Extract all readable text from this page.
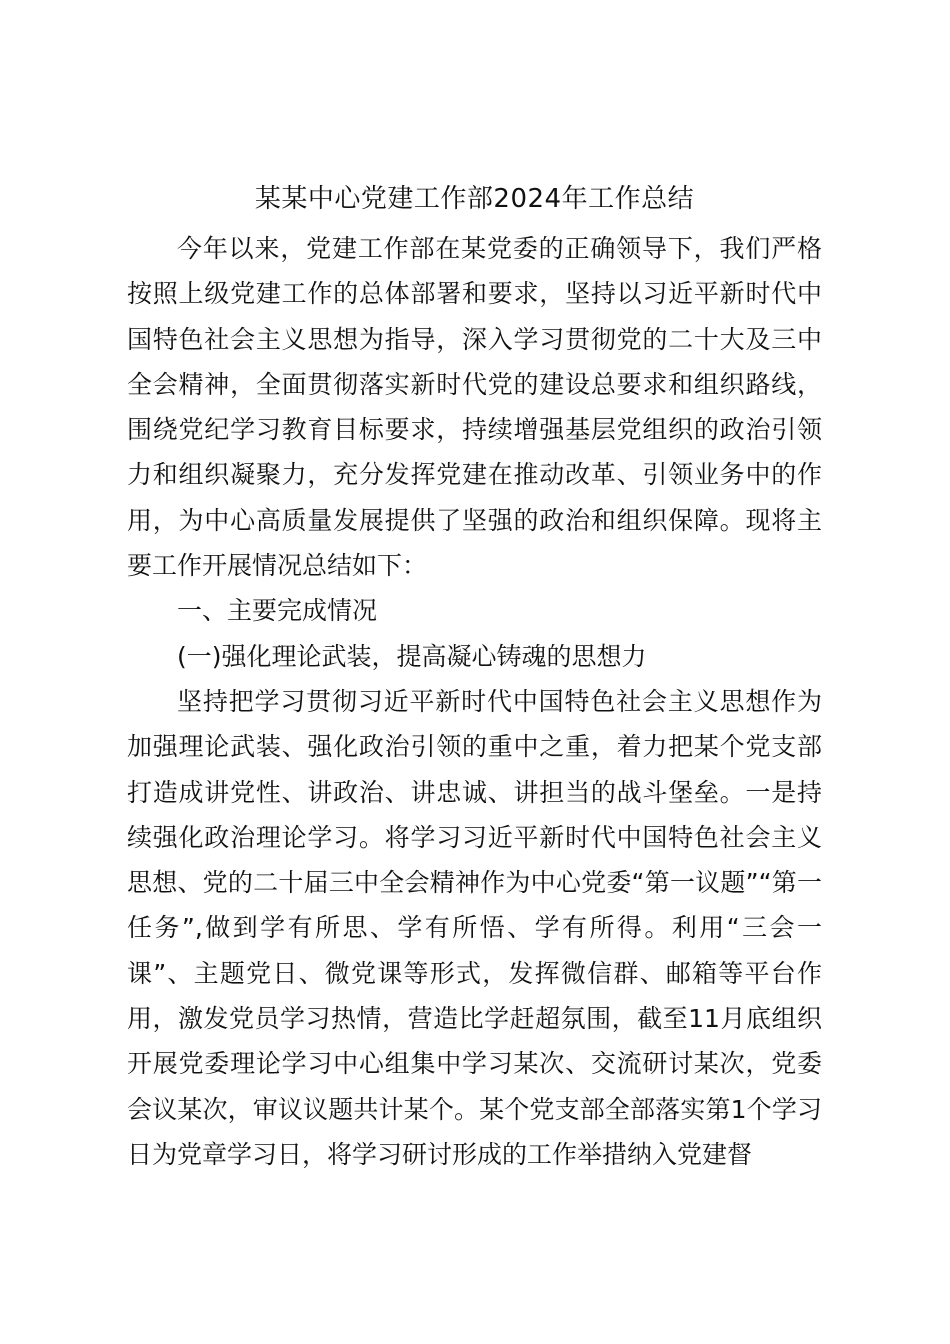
某某中心党建工作部2024年工作总结

今年以来，党建工作部在某党委的正确领导下，我们严格按照上级党建工作的总体部署和要求，坚持以习近平新时代中国特色社会主义思想为指导，深入学习贯彻党的二十大及三中全会精神，全面贯彻落实新时代党的建设总要求和组织路线，围绕党纪学习教育目标要求，持续增强基层党组织的政治引领力和组织凝聚力，充分发挥党建在推动改革、引领业务中的作用，为中心高质量发展提供了坚强的政治和组织保障。现将主要工作开展情况总结如下：

一、主要完成情况

(一)强化理论武装，提高凝心铸魂的思想力

坚持把学习贯彻习近平新时代中国特色社会主义思想作为加强理论武装、强化政治引领的重中之重，着力把某个党支部打造成讲党性、讲政治、讲忠诚、讲担当的战斗堡垒。一是持续强化政治理论学习。将学习习近平新时代中国特色社会主义思想、党的二十届三中全会精神作为中心党委“第一议题”“第一任务”,做到学有所思、学有所悟、学有所得。利用“三会一课”、主题党日、微党课等形式，发挥微信群、邮箱等平台作用，激发党员学习热情，营造比学赶超氛围，截至11月底组织开展党委理论学习中心组集中学习某次、交流研讨某次，党委会议某次，审议议题共计某个。某个党支部全部落实第1个学习日为党章学习日，将学习研讨形成的工作举措纳入党建督
